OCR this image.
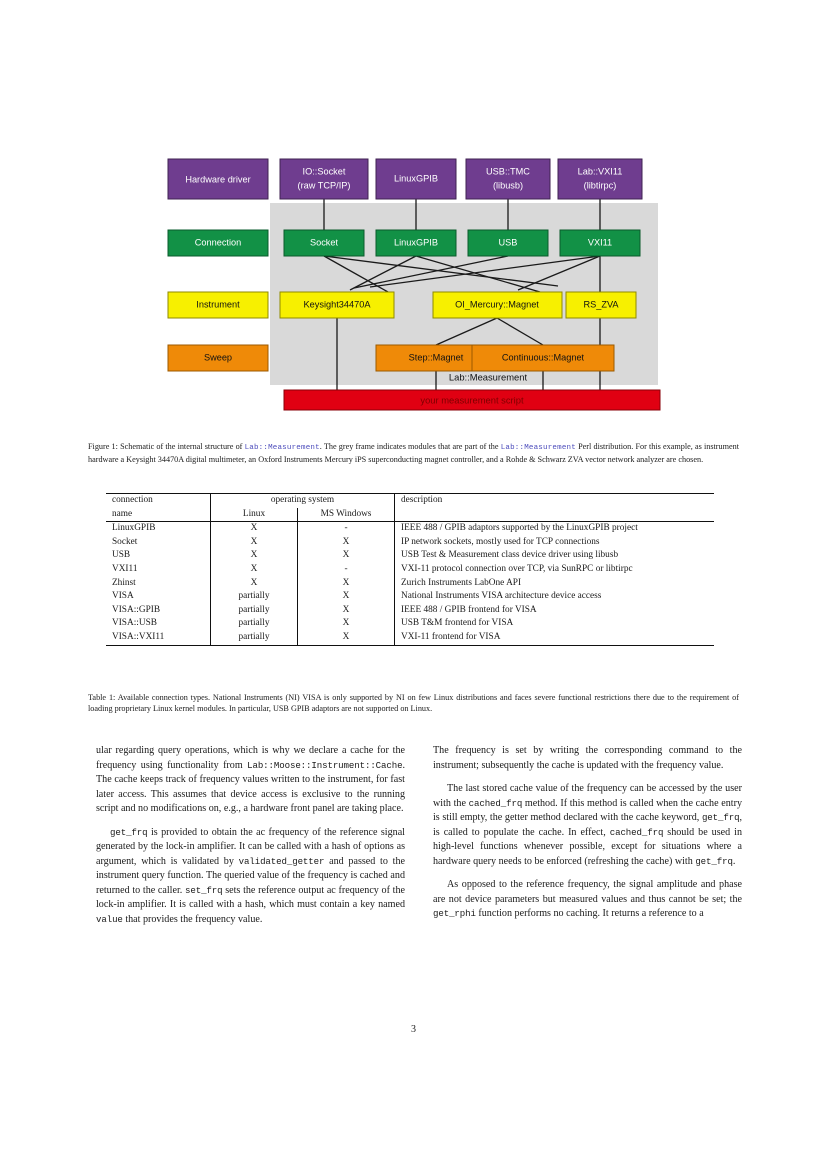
Hardware driver
Connection
Instrument
Sweep
IO::Socket
(raw TCP/IP)
LinuxGPIB
USB::TMC
(libusb)
Lab::VXI11
(libtirpc)
Socket	LinuxGPIB	USB	VXI11
Keysight34470A	OI_Mercury::Magnet	RS_ZVA
Step::Magnet	Continuous::Magnet
Lab::Measurement
your measurement script

Figure 1: Schematic of the internal structure of Lab::Measurement. The grey frame indicates modules that are part of the Lab::Measurement Perl distribution. For this example, as instrument hardware a Keysight 34470A digital multimeter, an Oxford Instruments Mercury iPS superconducting magnet controller, and a Rohde & Schwarz ZVA vector network analyzer are chosen.

connection	operating system		description
name	Linux	MS Windows	
LinuxGPIB	X	-	IEEE 488 / GPIB adaptors supported by the LinuxGPIB project
Socket	X	X	IP network sockets, mostly used for TCP connections
USB	X	X	USB Test & Measurement class device driver using libusb
VXI11	X	-	VXI-11 protocol connection over TCP, via SunRPC or libtirpc
Zhinst	X	X	Zurich Instruments LabOne API
VISA	partially	X	National Instruments VISA architecture device access
VISA::GPIB	partially	X	IEEE 488 / GPIB frontend for VISA
VISA::USB	partially	X	USB T&M frontend for VISA
VISA::VXI11	partially	X	VXI-11 frontend for VISA

Table 1: Available connection types. National Instruments (NI) VISA is only supported by NI on few Linux distributions and faces severe functional restrictions there due to the requirement of loading proprietary Linux kernel modules. In particular, USB GPIB adaptors are not supported on Linux.

ular regarding query operations, which is why we declare a cache for the frequency using functionality from Lab::Moose::Instrument::Cache. The cache keeps track of frequency values written to the instrument, for fast later access. This assumes that device access is exclusive to the running script and no modifications on, e.g., a hardware front panel are taking place.

get_frq is provided to obtain the ac frequency of the reference signal generated by the lock-in amplifier. It can be called with a hash of options as argument, which is validated by validated_getter and passed to the instrument query function. The queried value of the frequency is cached and returned to the caller. set_frq sets the reference output ac frequency of the lock-in amplifier. It is called with a hash, which must contain a key named value that provides the frequency value.

The frequency is set by writing the corresponding command to the instrument; subsequently the cache is updated with the frequency value.

The last stored cache value of the frequency can be accessed by the user with the cached_frq method. If this method is called when the cache entry is still empty, the getter method declared with the cache keyword, get_frq, is called to populate the cache. In effect, cached_frq should be used in high-level functions whenever possible, except for situations where a hardware query needs to be enforced (refreshing the cache) with get_frq.

As opposed to the reference frequency, the signal amplitude and phase are not device parameters but measured values and thus cannot be set; the get_rphi function performs no caching. It returns a reference to a

3
